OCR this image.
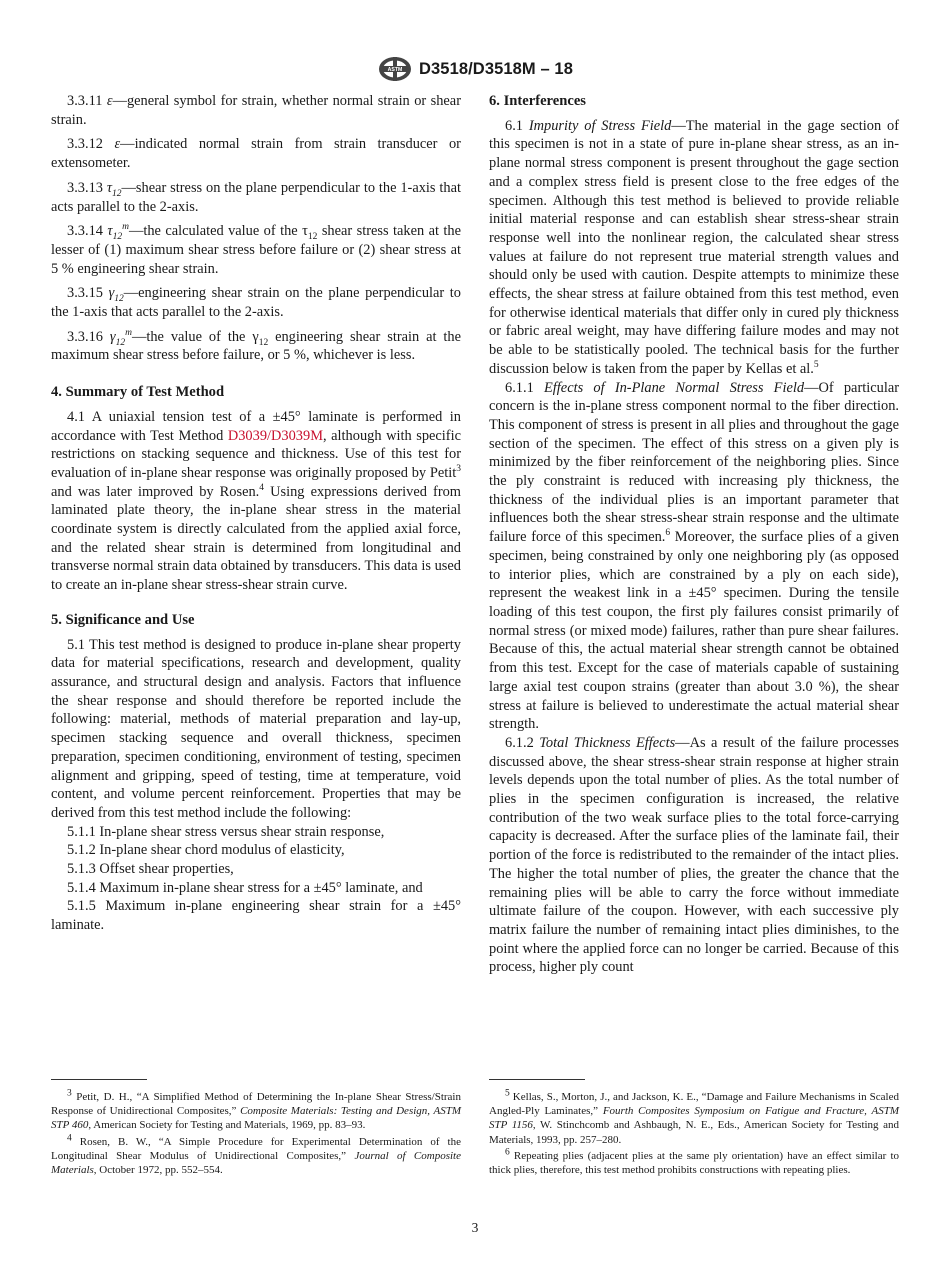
ASTM D3518/D3518M – 18

3.3.11 ε—general symbol for strain, whether normal strain or shear strain.

3.3.12 ε—indicated normal strain from strain transducer or extensometer.

3.3.13 $\tau_{12}—shear$ stress on the plane perpendicular to the 1-axis that acts parallel to the 2-axis.

3.3.14 $\tau_{12}^m—the$ calculated value of the $\tau_{12}$ shear stress taken at the lesser of (1) maximum shear stress before failure or (2) shear stress at 5 % engineering shear strain.

3.3.15 $\gamma_{12}—engineering$ shear strain on the plane perpendicular to the 1-axis that acts parallel to the 2-axis.

3.3.16 $\gamma_{12}^m—the$ value of the $\gamma_{12}$ engineering shear strain at the maximum shear stress before failure, or 5 %, whichever is less.

4. Summary of Test Method

4.1 A uniaxial tension test of a ±45° laminate is performed in accordance with Test Method D3039/D3039M, although with specific restrictions on stacking sequence and thickness. Use of this test for evaluation of in-plane shear response was originally proposed by Petit$^3$ and was later improved by Rosen.$^4$ Using expressions derived from laminated plate theory, the in-plane shear stress in the material coordinate system is directly calculated from the applied axial force, and the related shear strain is determined from longitudinal and transverse normal strain data obtained by transducers. This data is used to create an in-plane shear stress-shear strain curve.

5. Significance and Use

5.1 This test method is designed to produce in-plane shear property data for material specifications, research and development, quality assurance, and structural design and analysis. Factors that influence the shear response and should therefore be reported include the following: material, methods of material preparation and lay-up, specimen stacking sequence and overall thickness, specimen preparation, specimen conditioning, environment of testing, specimen alignment and gripping, speed of testing, time at temperature, void content, and volume percent reinforcement. Properties that may be derived from this test method include the following:

5.1.1 In-plane shear stress versus shear strain response,

5.1.2 In-plane shear chord modulus of elasticity,

5.1.3 Offset shear properties,

5.1.4 Maximum in-plane shear stress for a ±45° laminate, and

5.1.5 Maximum in-plane engineering shear strain for a ±45° laminate.

6. Interferences

6.1 Impurity of Stress Field—The material in the gage section of this specimen is not in a state of pure in-plane shear stress, as an in-plane normal stress component is present throughout the gage section and a complex stress field is present close to the free edges of the specimen. Although this test method is believed to provide reliable initial material response and can establish shear stress-shear strain response well into the nonlinear region, the calculated shear stress values at failure do not represent true material strength values and should only be used with caution. Despite attempts to minimize these effects, the shear stress at failure obtained from this test method, even for otherwise identical materials that differ only in cured ply thickness or fabric areal weight, may have differing failure modes and may not be able to be statistically pooled. The technical basis for the further discussion below is taken from the paper by Kellas et al.$^5$

6.1.1 Effects of In-Plane Normal Stress Field—Of particular concern is the in-plane stress component normal to the fiber direction. This component of stress is present in all plies and throughout the gage section of the specimen. The effect of this stress on a given ply is minimized by the fiber reinforcement of the neighboring plies. Since the ply constraint is reduced with increasing ply thickness, the thickness of the individual plies is an important parameter that influences both the shear stress-shear strain response and the ultimate failure force of this specimen.$^6$ Moreover, the surface plies of a given specimen, being constrained by only one neighboring ply (as opposed to interior plies, which are constrained by a ply on each side), represent the weakest link in a ±45° specimen. During the tensile loading of this test coupon, the first ply failures consist primarily of normal stress (or mixed mode) failures, rather than pure shear failures. Because of this, the actual material shear strength cannot be obtained from this test. Except for the case of materials capable of sustaining large axial test coupon strains (greater than about 3.0 %), the shear stress at failure is believed to underestimate the actual material shear strength.

6.1.2 Total Thickness Effects—As a result of the failure processes discussed above, the shear stress-shear strain response at higher strain levels depends upon the total number of plies. As the total number of plies in the specimen configuration is increased, the relative contribution of the two weak surface plies to the total force-carrying capacity is decreased. After the surface plies of the laminate fail, their portion of the force is redistributed to the remainder of the intact plies. The higher the total number of plies, the greater the chance that the remaining plies will be able to carry the force without immediate ultimate failure of the coupon. However, with each successive ply matrix failure the number of remaining intact plies diminishes, to the point where the applied force can no longer be carried. Because of this process, higher ply count

$^3$ Petit, D. H., “A Simplified Method of Determining the In-plane Shear Stress/Strain Response of Unidirectional Composites,” Composite Materials: Testing and Design, ASTM STP 460, American Society for Testing and Materials, 1969, pp. 83–93.

$^4$ Rosen, B. W., “A Simple Procedure for Experimental Determination of the Longitudinal Shear Modulus of Unidirectional Composites,” Journal of Composite Materials, October 1972, pp. 552–554.

$^5$ Kellas, S., Morton, J., and Jackson, K. E., “Damage and Failure Mechanisms in Scaled Angled-Ply Laminates,” Fourth Composites Symposium on Fatigue and Fracture, ASTM STP 1156, W. Stinchcomb and Ashbaugh, N. E., Eds., American Society for Testing and Materials, 1993, pp. 257–280.

$^6$ Repeating plies (adjacent plies at the same ply orientation) have an effect similar to thick plies, therefore, this test method prohibits constructions with repeating plies.

3
